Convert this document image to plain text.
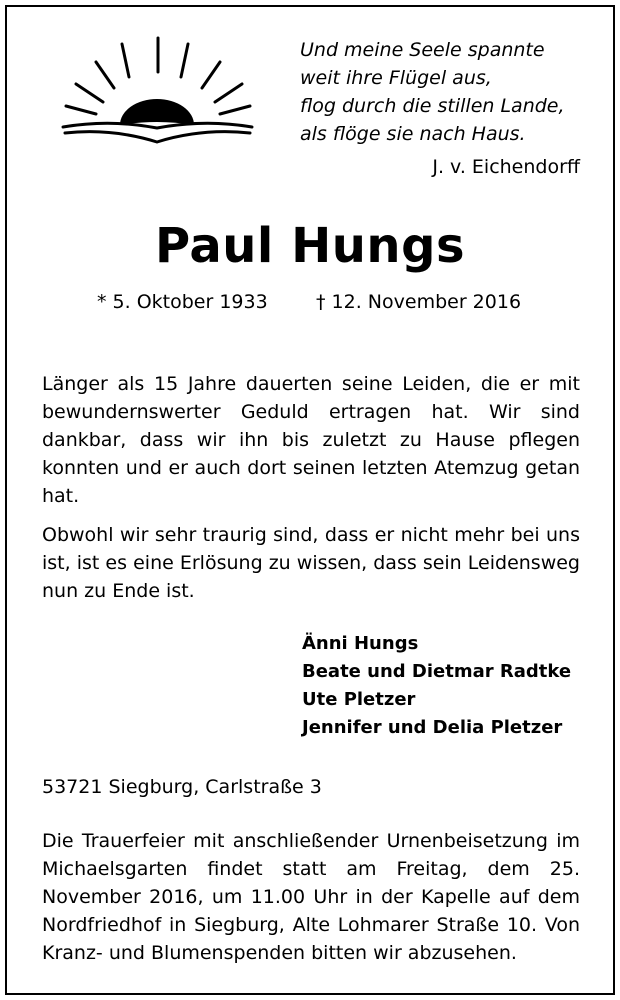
Und meine Seele spannte
weit ihre Flügel aus,
flog durch die stillen Lande,
als flöge sie nach Haus.
J. v. Eichendorff
Paul Hungs
* 5. Oktober 1933	† 12. November 2016
Länger als 15 Jahre dauerten seine Leiden, die er mit bewundernswerter Geduld ertragen hat. Wir sind dankbar, dass wir ihn bis zuletzt zu Hause pflegen konnten und er auch dort seinen letzten Atemzug getan hat.
Obwohl wir sehr traurig sind, dass er nicht mehr bei uns ist, ist es eine Erlösung zu wissen, dass sein Leidensweg nun zu Ende ist.
Änni Hungs
Beate und Dietmar Radtke
Ute Pletzer
Jennifer und Delia Pletzer
53721 Siegburg, Carlstraße 3
Die Trauerfeier mit anschließender Urnenbeisetzung im Michaelsgarten findet statt am Freitag, dem 25. November 2016, um 11.00 Uhr in der Kapelle auf dem Nordfriedhof in Siegburg, Alte Lohmarer Straße 10. Von Kranz- und Blumenspenden bitten wir abzusehen.
